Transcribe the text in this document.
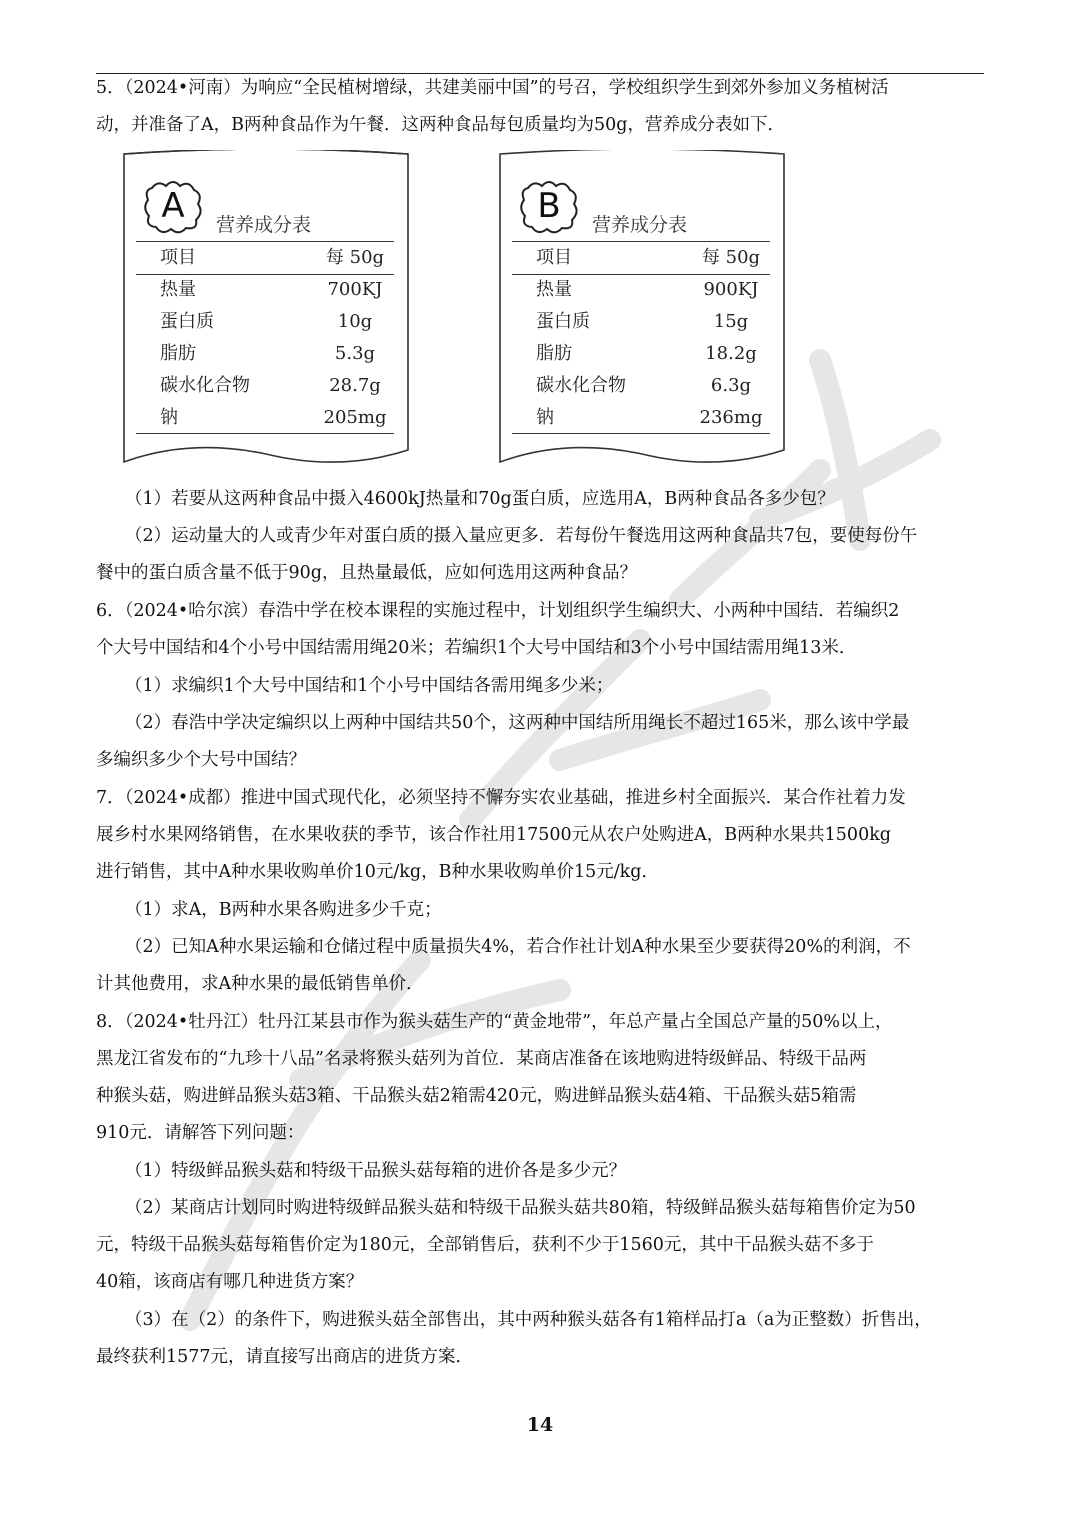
5．（2024•河南）为响应“全民植树增绿，共建美丽中国”的号召，学校组织学生到郊外参加义务植树活
动，并准备了A，B两种食品作为午餐．这两种食品每包质量均为50g，营养成分表如下．
A	营养成分表
项目	每 50g
热量	700KJ
蛋白质	10g
脂肪	5.3g
碳水化合物	28.7g
钠	205mg
B	营养成分表
项目	每 50g
热量	900KJ
蛋白质	15g
脂肪	18.2g
碳水化合物	6.3g
钠	236mg
（1）若要从这两种食品中摄入4600kJ热量和70g蛋白质，应选用A，B两种食品各多少包？
（2）运动量大的人或青少年对蛋白质的摄入量应更多．若每份午餐选用这两种食品共7包，要使每份午
餐中的蛋白质含量不低于90g，且热量最低，应如何选用这两种食品？
6．（2024•哈尔滨）春浩中学在校本课程的实施过程中，计划组织学生编织大、小两种中国结．若编织2
个大号中国结和4个小号中国结需用绳20米；若编织1个大号中国结和3个小号中国结需用绳13米．
（1）求编织1个大号中国结和1个小号中国结各需用绳多少米；
（2）春浩中学决定编织以上两种中国结共50个，这两种中国结所用绳长不超过165米，那么该中学最
多编织多少个大号中国结？
7．（2024•成都）推进中国式现代化，必须坚持不懈夯实农业基础，推进乡村全面振兴．某合作社着力发
展乡村水果网络销售，在水果收获的季节，该合作社用17500元从农户处购进A，B两种水果共1500kg
进行销售，其中A种水果收购单价10元/kg，B种水果收购单价15元/kg．
（1）求A，B两种水果各购进多少千克；
（2）已知A种水果运输和仓储过程中质量损失4%，若合作社计划A种水果至少要获得20%的利润，不
计其他费用，求A种水果的最低销售单价．
8．（2024•牡丹江）牡丹江某县市作为猴头菇生产的“黄金地带”，年总产量占全国总产量的50%以上，
黑龙江省发布的“九珍十八品”名录将猴头菇列为首位．某商店准备在该地购进特级鲜品、特级干品两
种猴头菇，购进鲜品猴头菇3箱、干品猴头菇2箱需420元，购进鲜品猴头菇4箱、干品猴头菇5箱需
910元．请解答下列问题：
（1）特级鲜品猴头菇和特级干品猴头菇每箱的进价各是多少元？
（2）某商店计划同时购进特级鲜品猴头菇和特级干品猴头菇共80箱，特级鲜品猴头菇每箱售价定为50
元，特级干品猴头菇每箱售价定为180元，全部销售后，获利不少于1560元，其中干品猴头菇不多于
40箱，该商店有哪几种进货方案？
（3）在（2）的条件下，购进猴头菇全部售出，其中两种猴头菇各有1箱样品打a（a为正整数）折售出，
最终获利1577元，请直接写出商店的进货方案．
14
